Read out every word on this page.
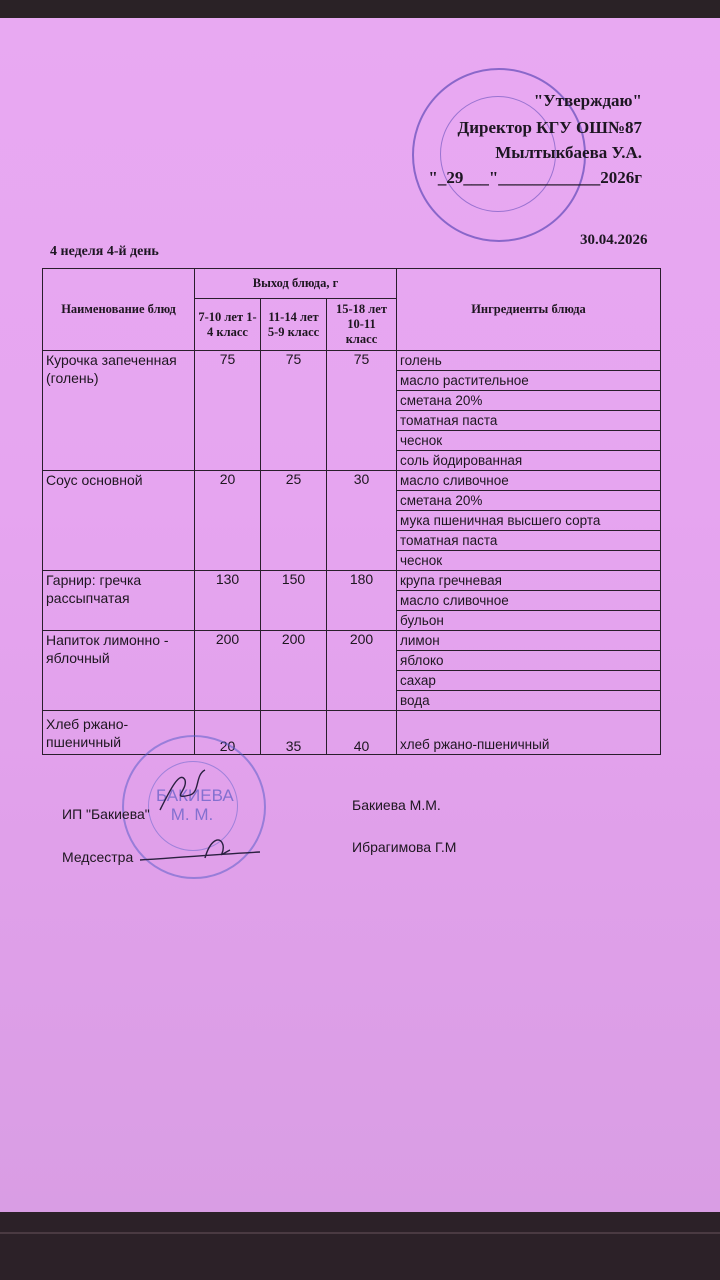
"Утверждаю"
Директор КГУ ОШ№87
Мылтыкбаева У.А.
"_29___"____________2026г
30.04.2026
4 неделя 4-й день
Наименование блюд	Выход блюда, г			Ингредиенты блюда
	7-10 лет 1-4 класс	11-14 лет 5-9 класс	15-18 лет 10-11 класс	
Курочка запеченная (голень)	75	75	75	голень
				масло растительное
				сметана 20%
				томатная паста
				чеснок
				соль йодированная
Соус основной	20	25	30	масло сливочное
				сметана 20%
				мука пшеничная высшего сорта
				томатная паста
				чеснок
Гарнир: гречка рассыпчатая	130	150	180	крупа гречневая
				масло сливочное
				бульон
Напиток лимонно - яблочный	200	200	200	лимон
				яблоко
				сахар
				вода
Хлеб ржано-пшеничный	20	35	40	хлеб ржано-пшеничный
БАКИЕВА М. М.
ИП "Бакиева"
Бакиева М.М.
Медсестра
Ибрагимова Г.М
